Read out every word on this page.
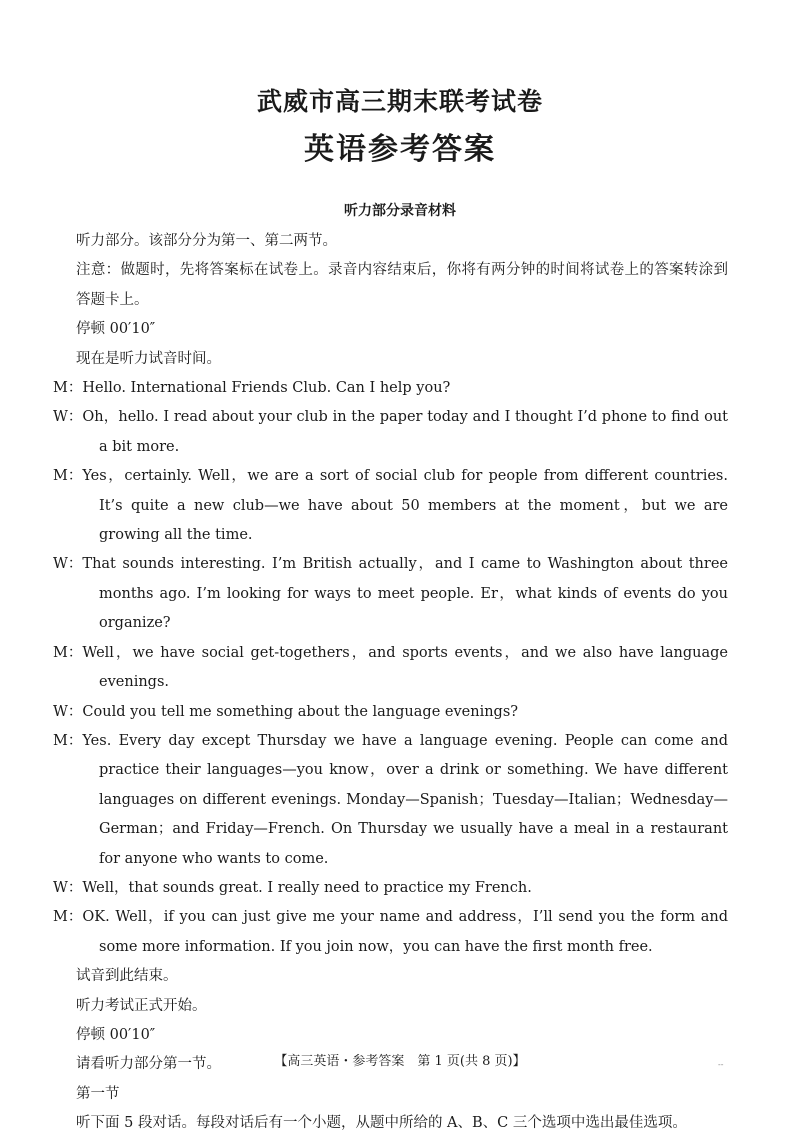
武威市高三期末联考试卷
英语参考答案
听力部分录音材料

听力部分。该部分分为第一、第二两节。

注意：做题时，先将答案标在试卷上。录音内容结束后，你将有两分钟的时间将试卷上的答案转涂到答题卡上。

停顿 00′10″

现在是听力试音时间。

M：Hello. International Friends Club. Can I help you?

W：Oh，hello. I read about your club in the paper today and I thought I’d phone to find out a bit more.

M：Yes，certainly. Well，we are a sort of social club for people from different countries. It’s quite a new club—we have about 50 members at the moment，but we are growing all the time.

W：That sounds interesting. I’m British actually，and I came to Washington about three months ago. I’m looking for ways to meet people. Er，what kinds of events do you organize?

M：Well，we have social get-togethers，and sports events，and we also have language evenings.

W：Could you tell me something about the language evenings?

M：Yes. Every day except Thursday we have a language evening. People can come and practice their languages—you know，over a drink or something. We have different languages on different evenings. Monday—Spanish；Tuesday—Italian；Wednesday—German；and Friday—French. On Thursday we usually have a meal in a restaurant for anyone who wants to come.

W：Well，that sounds great. I really need to practice my French.

M：OK. Well，if you can just give me your name and address，I’ll send you the form and some more information. If you join now，you can have the first month free.

试音到此结束。

听力考试正式开始。

停顿 00′10″

请看听力部分第一节。

第一节

听下面 5 段对话。每段对话后有一个小题，从题中所给的 A、B、C 三个选项中选出最佳选项。

【高三英语・参考答案　第 1 页(共 8 页)】	--
